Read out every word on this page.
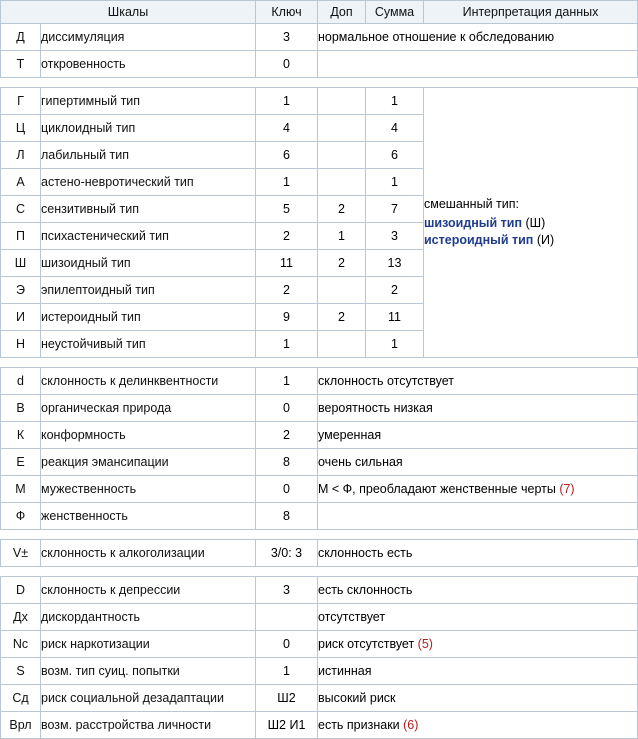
Шкалы		Ключ	Доп	Сумма	Интерпретация данных
Д	диссимуляция	3	нормальное отношение к обследованию		
Т	откровенность	0			

Г	гипертимный тип	1		1	смешанный тип:
шизоидный тип (Ш)
истероидный тип (И)

Ц	циклоидный тип	4		4	
Л	лабильный тип	6		6	
А	астено-невротический тип	1		1	
С	сензитивный тип	5	2	7	
П	психастенический тип	2	1	3	
Ш	шизоидный тип	11	2	13	
Э	эпилептоидный тип	2		2	
И	истероидный тип	9	2	11	
Н	неустойчивый тип	1		1	

d	склонность к делинквентности	1	склонность отсутствует		
В	органическая природа	0	вероятность низкая		
К	конформность	2	умеренная		
Е	реакция эмансипации	8	очень сильная		
М	мужественность	0	М < Ф, преобладают женственные черты (7)		
Ф	женственность	8			

V±	склонность к алкоголизации	3/0: 3	склонность есть		

D	склонность к депрессии	3	есть склонность		
Дх	дискордантность		отсутствует		
Nc	риск наркотизации	0	риск отсутствует (5)		
S	возм. тип суиц. попытки	1	истинная		
Сд	риск социальной дезадаптации	Ш2	высокий риск		
Врл	возм. расстройства личности	Ш2 И1	есть признаки (6)		
